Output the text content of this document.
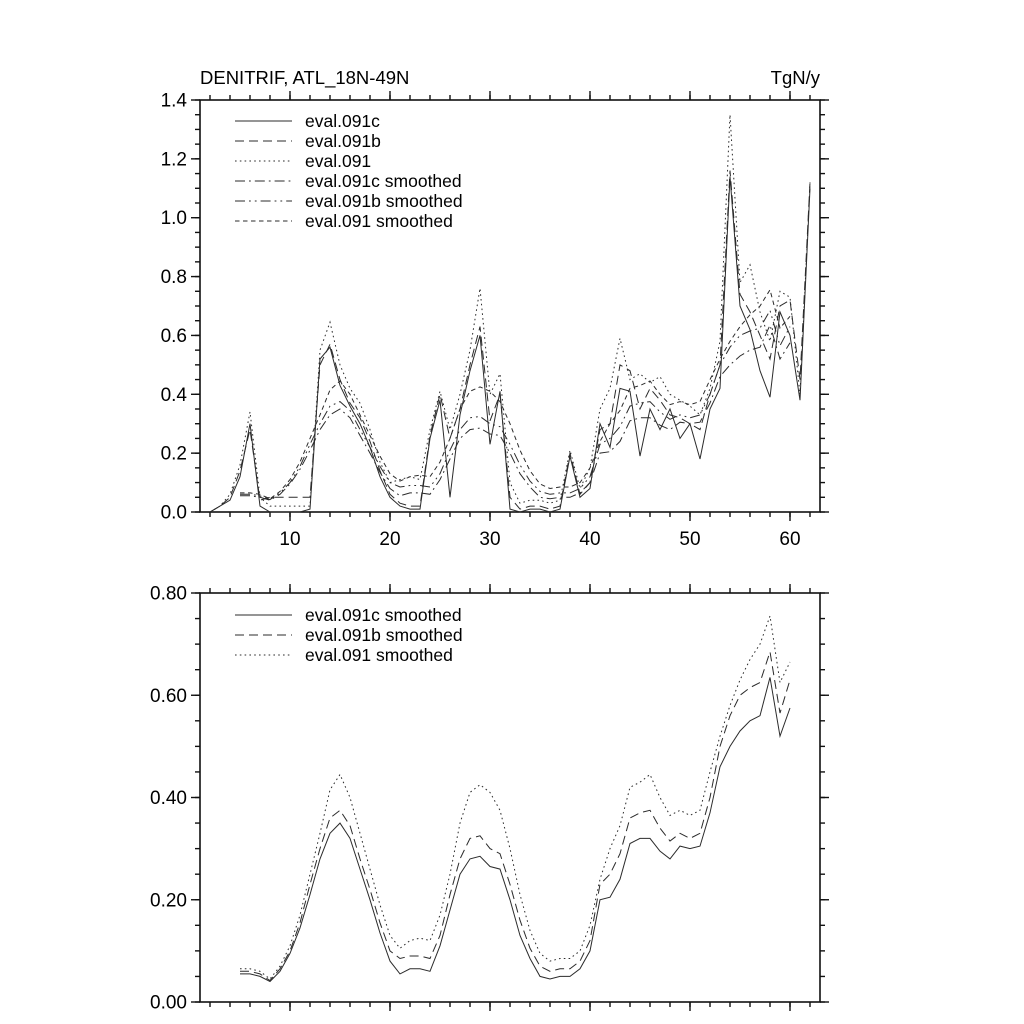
DENITRIF, ATL_18N-49N	TgN/y
0.0
0.2
0.4
0.6
0.8
1.0
1.2
1.4
10	20	30	40	50	60
eval.091c
eval.091b
eval.091
eval.091c smoothed
eval.091b smoothed
eval.091 smoothed
0.00
0.20
0.40
0.60
0.80
eval.091c smoothed
eval.091b smoothed
eval.091 smoothed
